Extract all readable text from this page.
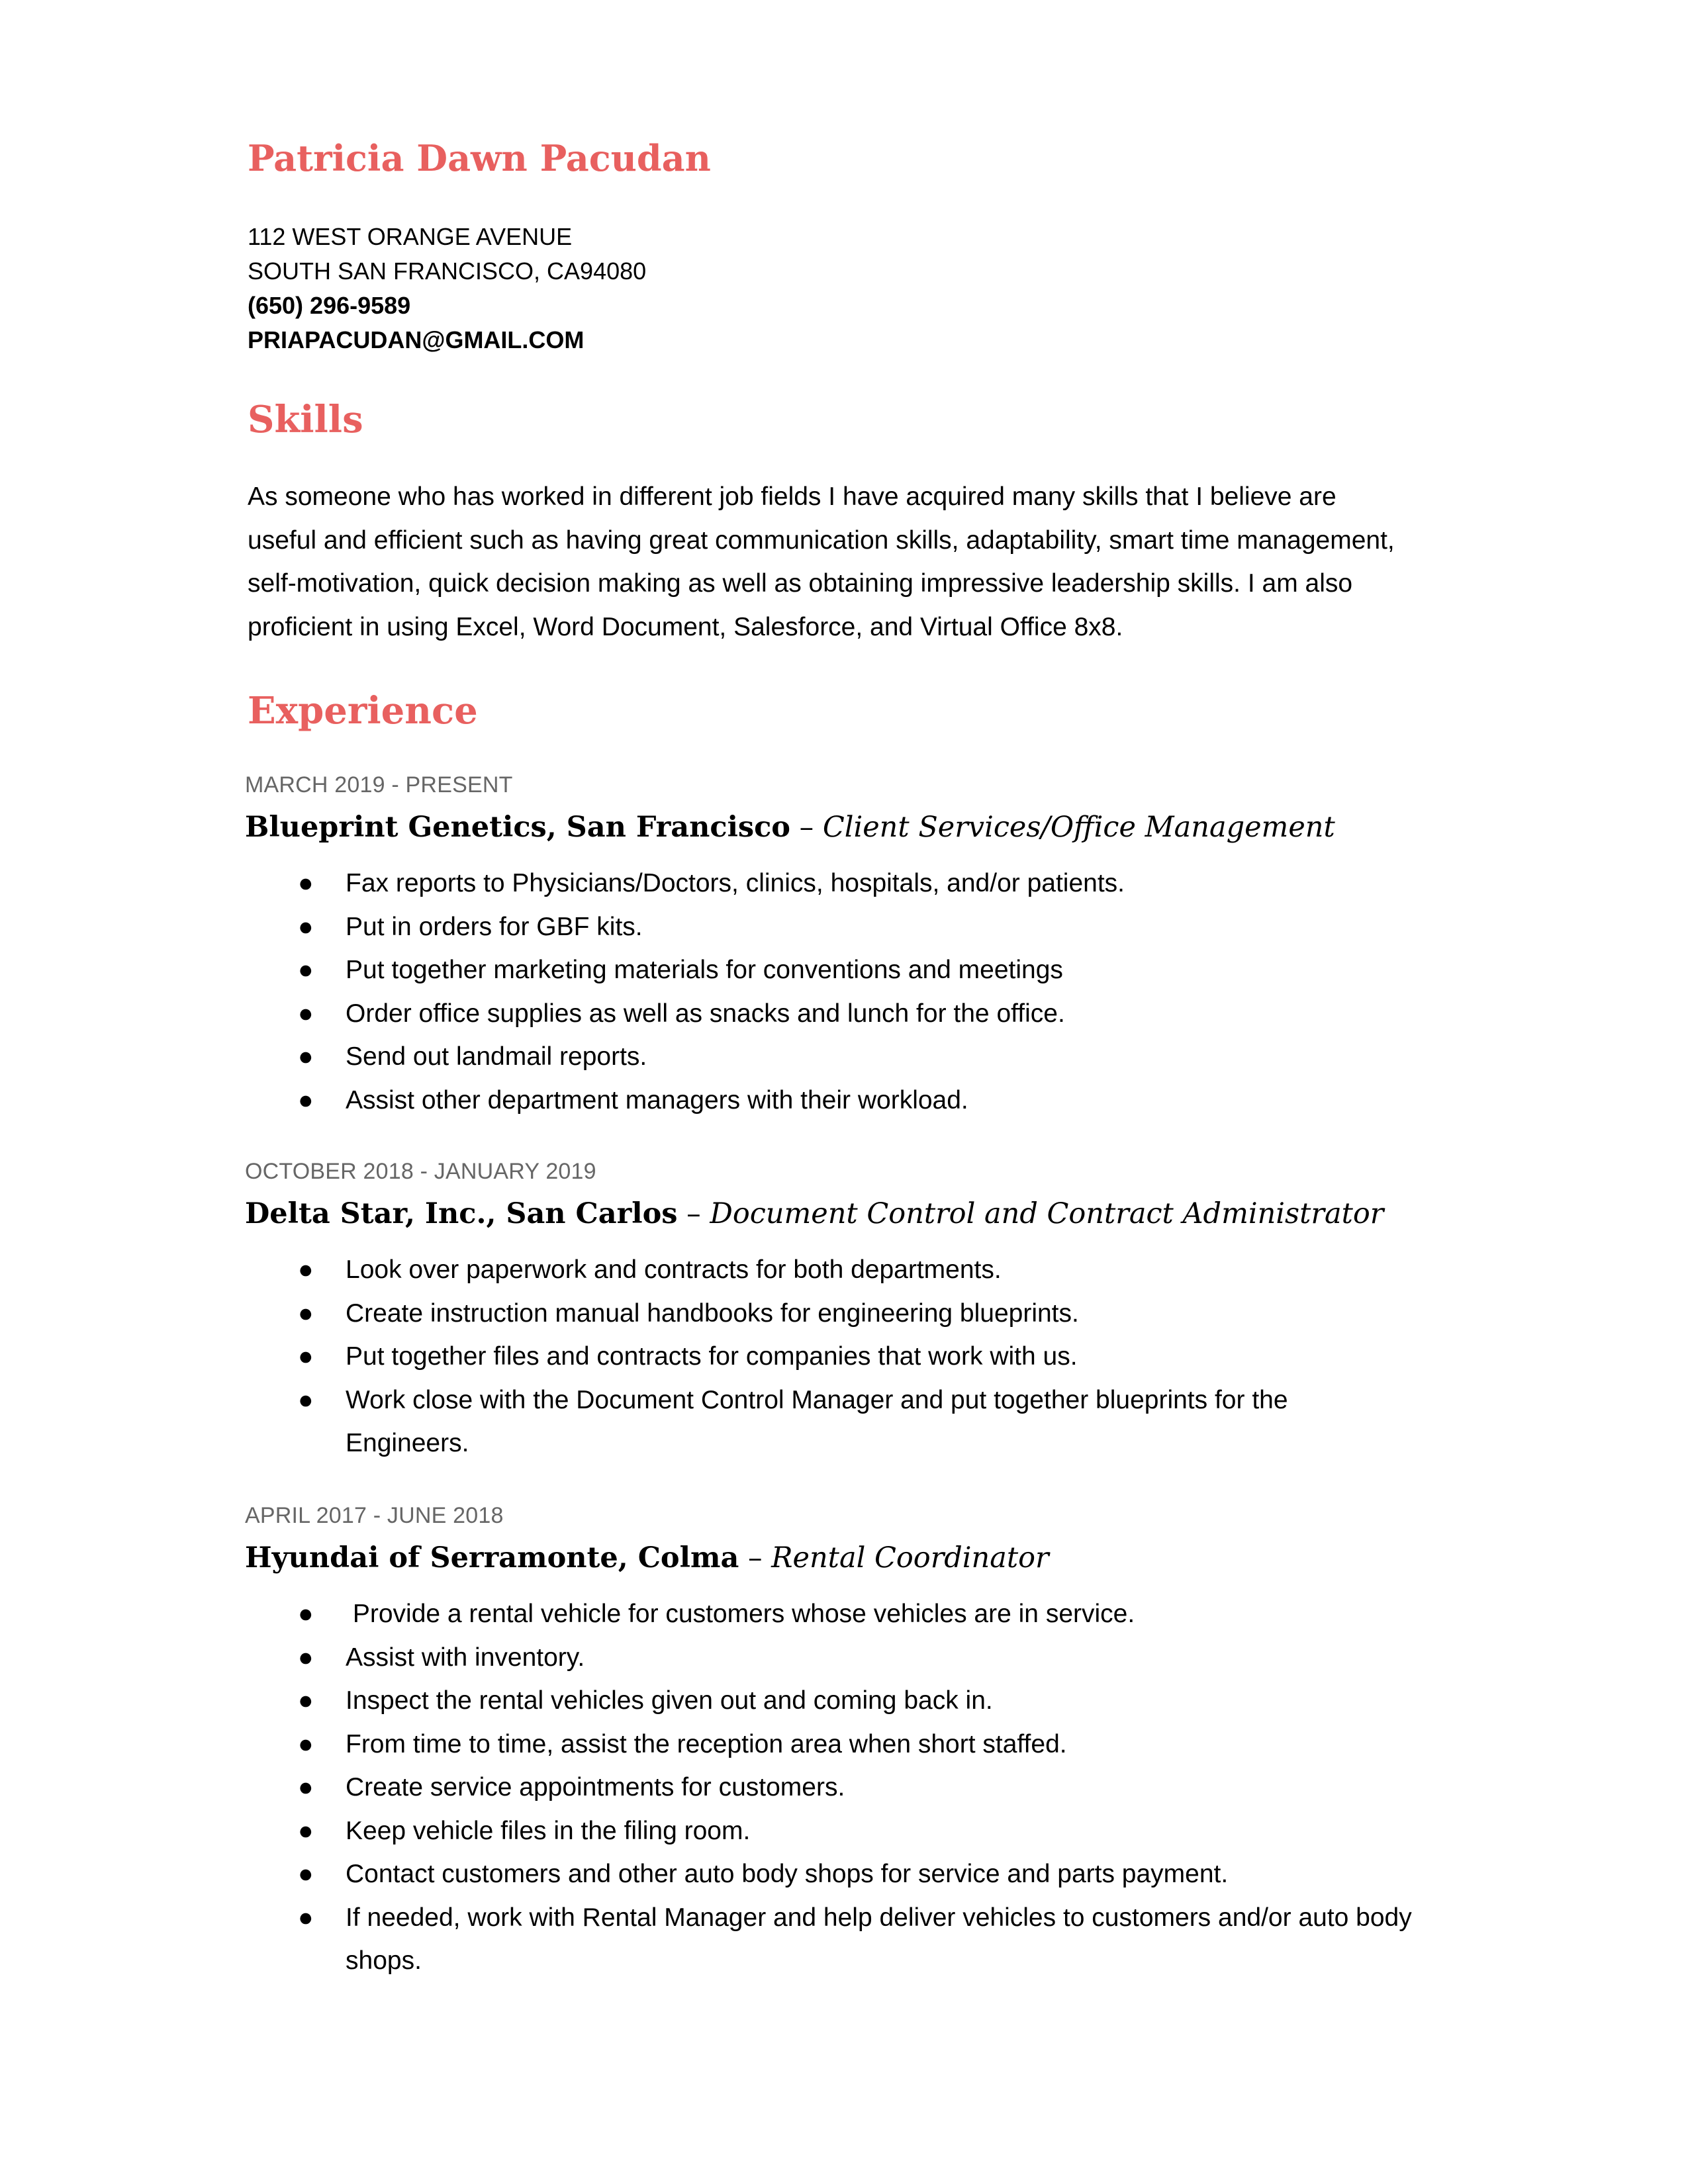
Patricia Dawn Pacudan
112 WEST ORANGE AVENUE
SOUTH SAN FRANCISCO, CA94080
(650) 296-9589
PRIAPACUDAN@GMAIL.COM
Skills
As someone who has worked in different job fields I have acquired many skills that I believe are useful and efficient such as having great communication skills, adaptability, smart time management, self-motivation, quick decision making as well as obtaining impressive leadership skills. I am also proficient in using Excel, Word Document, Salesforce, and Virtual Office 8x8.
Experience
MARCH 2019 - PRESENT
Blueprint Genetics, San Francisco – Client Services/Office Management
● Fax reports to Physicians/Doctors, clinics, hospitals, and/or patients.
● Put in orders for GBF kits.
● Put together marketing materials for conventions and meetings
● Order office supplies as well as snacks and lunch for the office.
● Send out landmail reports.
● Assist other department managers with their workload.
OCTOBER 2018 - JANUARY 2019
Delta Star, Inc., San Carlos – Document Control and Contract Administrator
● Look over paperwork and contracts for both departments.
● Create instruction manual handbooks for engineering blueprints.
● Put together files and contracts for companies that work with us.
● Work close with the Document Control Manager and put together blueprints for the Engineers.
APRIL 2017 - JUNE 2018
Hyundai of Serramonte, Colma – Rental Coordinator
● Provide a rental vehicle for customers whose vehicles are in service.
● Assist with inventory.
● Inspect the rental vehicles given out and coming back in.
● From time to time, assist the reception area when short staffed.
● Create service appointments for customers.
● Keep vehicle files in the filing room.
● Contact customers and other auto body shops for service and parts payment.
● If needed, work with Rental Manager and help deliver vehicles to customers and/or auto body shops.
